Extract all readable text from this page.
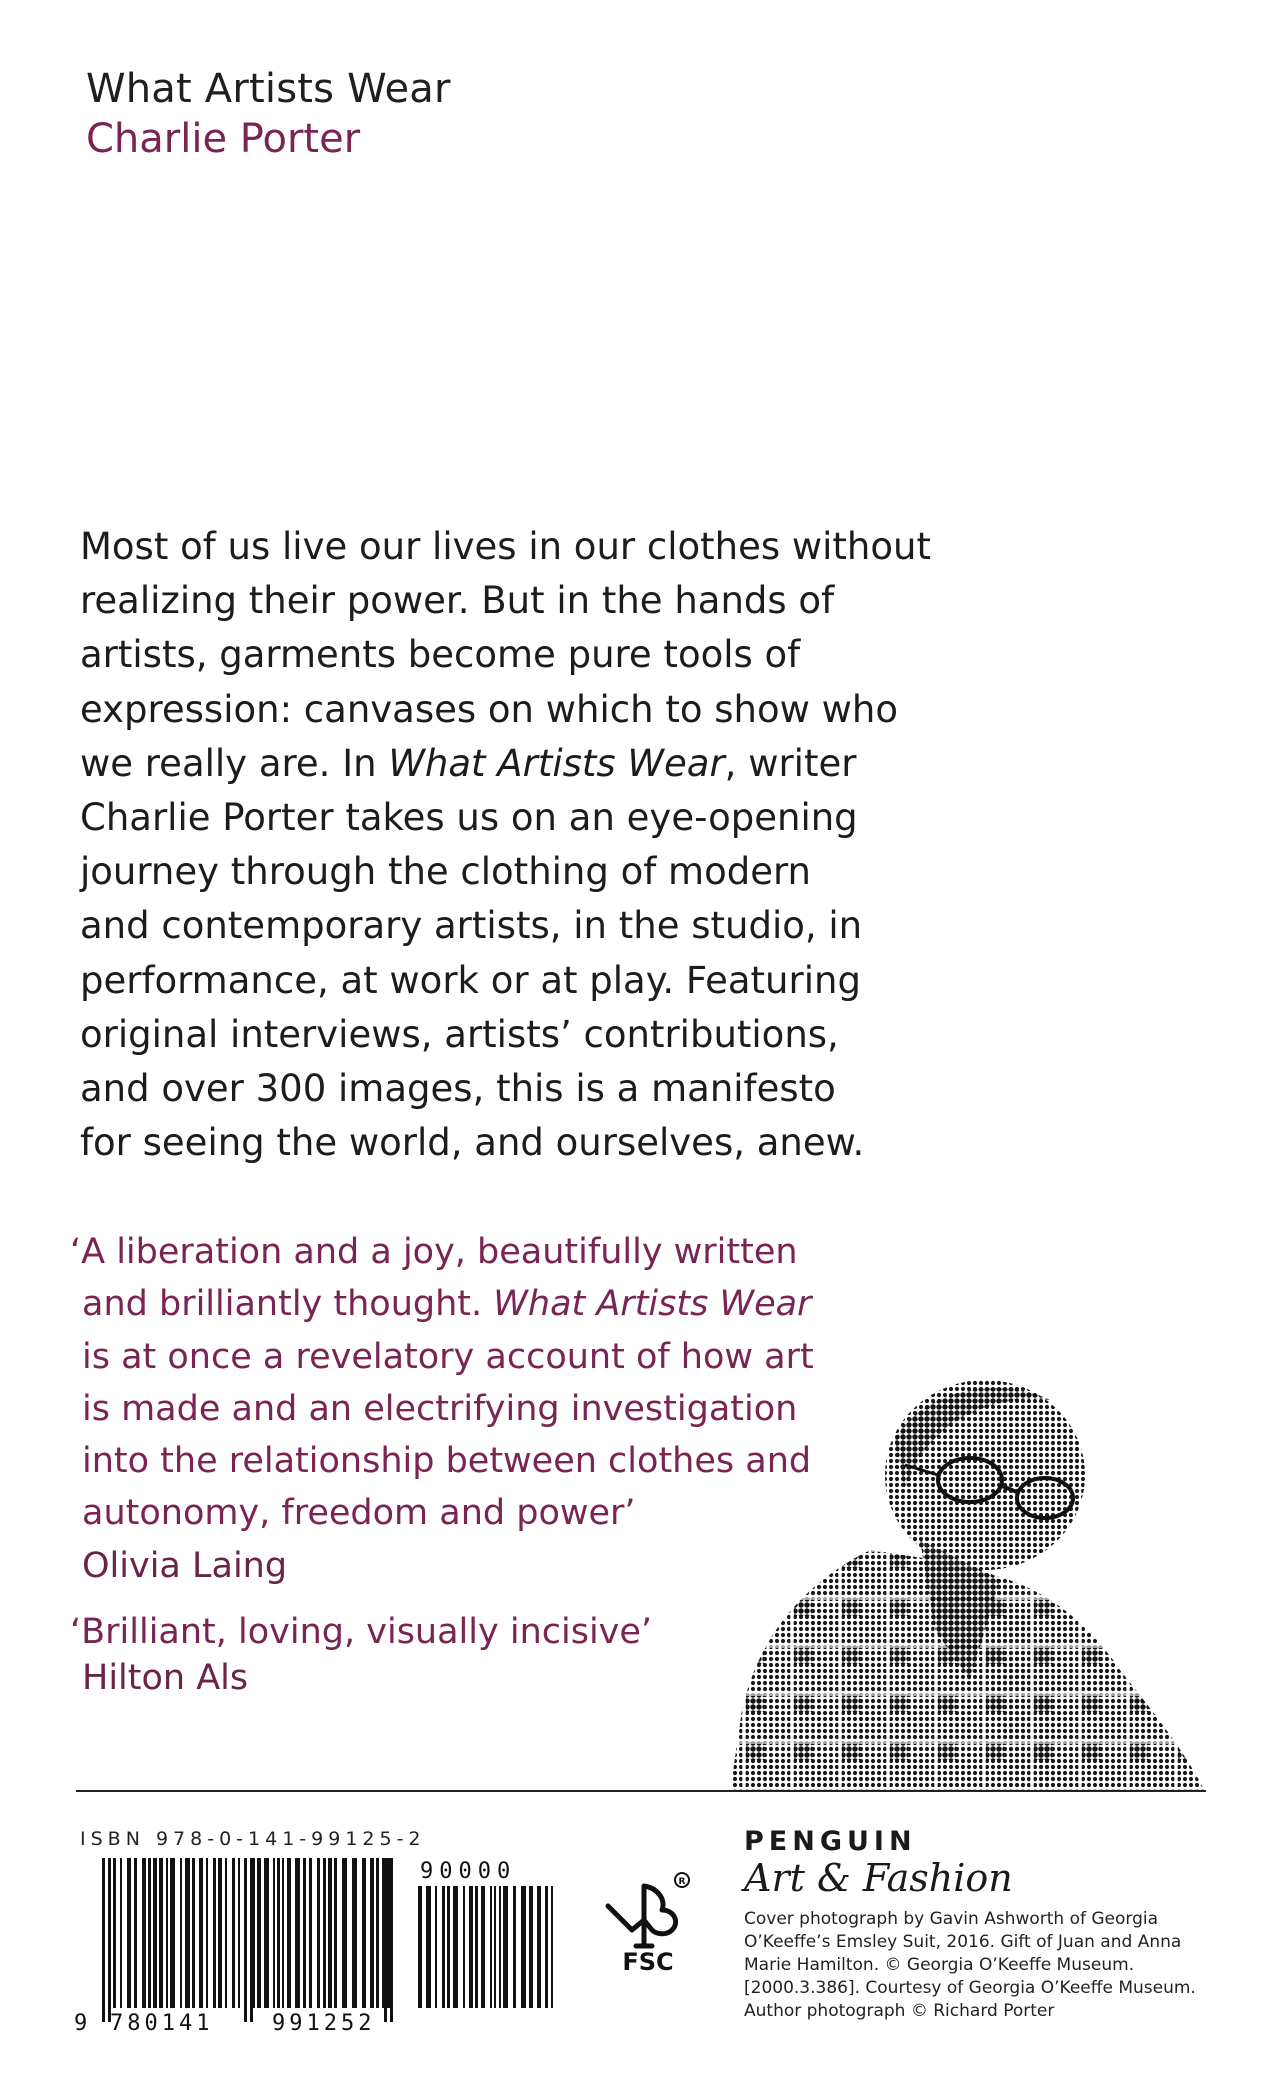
What Artists Wear
Charlie Porter
Most of us live our lives in our clothes without
realizing their power. But in the hands of
artists, garments become pure tools of
expression: canvases on which to show who
we really are. In What Artists Wear, writer
Charlie Porter takes us on an eye-opening
journey through the clothing of modern
and contemporary artists, in the studio, in
performance, at work or at play. Featuring
original interviews, artists’ contributions,
and over 300 images, this is a manifesto
for seeing the world, and ourselves, anew.
‘A liberation and a joy, beautifully written
and brilliantly thought. What Artists Wear
is at once a revelatory account of how art
is made and an electrifying investigation
into the relationship between clothes and
autonomy, freedom and power’
Olivia Laing
‘Brilliant, loving, visually incisive’
Hilton Als
ISBN 978-0-141-99125-2
9 780141	991252
90000	R
FSC
PENGUIN
Art & Fashion
Cover photograph by Gavin Ashworth of Georgia
O’Keeffe’s Emsley Suit, 2016. Gift of Juan and Anna
Marie Hamilton. © Georgia O’Keeffe Museum.
[2000.3.386]. Courtesy of Georgia O’Keeffe Museum.
Author photograph © Richard Porter
